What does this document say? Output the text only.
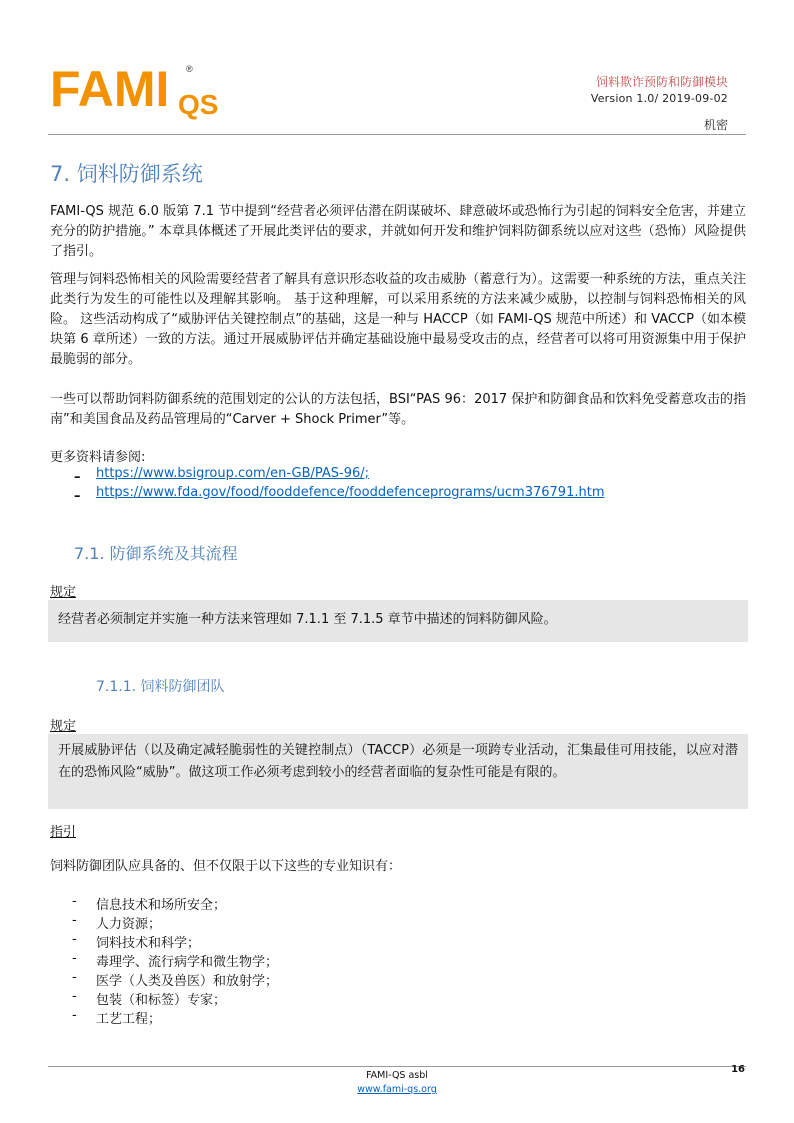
FAMI QS
®
饲料欺诈预防和防御模块
Version 1.0/ 2019-09-02
机密
7. 饲料防御系统
FAMI-QS 规范 6.0 版第 7.1 节中提到“经营者必须评估潜在阴谋破坏、肆意破坏或恐怖行为引起的饲料安全危害，并建立充分的防护措施。” 本章具体概述了开展此类评估的要求，并就如何开发和维护饲料防御系统以应对这些（恐怖）风险提供了指引。
管理与饲料恐怖相关的风险需要经营者了解具有意识形态收益的攻击威胁（蓄意行为）。这需要一种系统的方法，重点关注此类行为发生的可能性以及理解其影响。 基于这种理解，可以采用系统的方法来减少威胁，以控制与饲料恐怖相关的风险。 这些活动构成了“威胁评估关键控制点”的基础，这是一种与 HACCP（如 FAMI-QS 规范中所述）和 VACCP（如本模块第 6 章所述）一致的方法。通过开展威胁评估并确定基础设施中最易受攻击的点，经营者可以将可用资源集中用于保护最脆弱的部分。
一些可以帮助饲料防御系统的范围划定的公认的方法包括，BSI“PAS 96：2017 保护和防御食品和饮料免受蓄意攻击的指南”和美国食品及药品管理局的“Carver + Shock Primer”等。
更多资料请参阅:
– https://www.bsigroup.com/en-GB/PAS-96/;
– https://www.fda.gov/food/fooddefence/fooddefenceprograms/ucm376791.htm
7.1. 防御系统及其流程
规定

经营者必须制定并实施一种方法来管理如 7.1.1 至 7.1.5 章节中描述的饲料防御风险。

7.1.1. 饲料防御团队
规定

开展威胁评估（以及确定减轻脆弱性的关键控制点）（TACCP）必须是一项跨专业活动，汇集最佳可用技能，以应对潜在的恐怖风险“威胁”。做这项工作必须考虑到较小的经营者面临的复杂性可能是有限的。

指引
饲料防御团队应具备的、但不仅限于以下这些的专业知识有：
- 信息技术和场所安全；
- 人力资源；
- 饲料技术和科学；
- 毒理学、流行病学和微生物学；
- 医学（人类及兽医）和放射学；
- 包装（和标签）专家；
- 工艺工程；
16
FAMI-QS asbl
www.fami-qs.org
